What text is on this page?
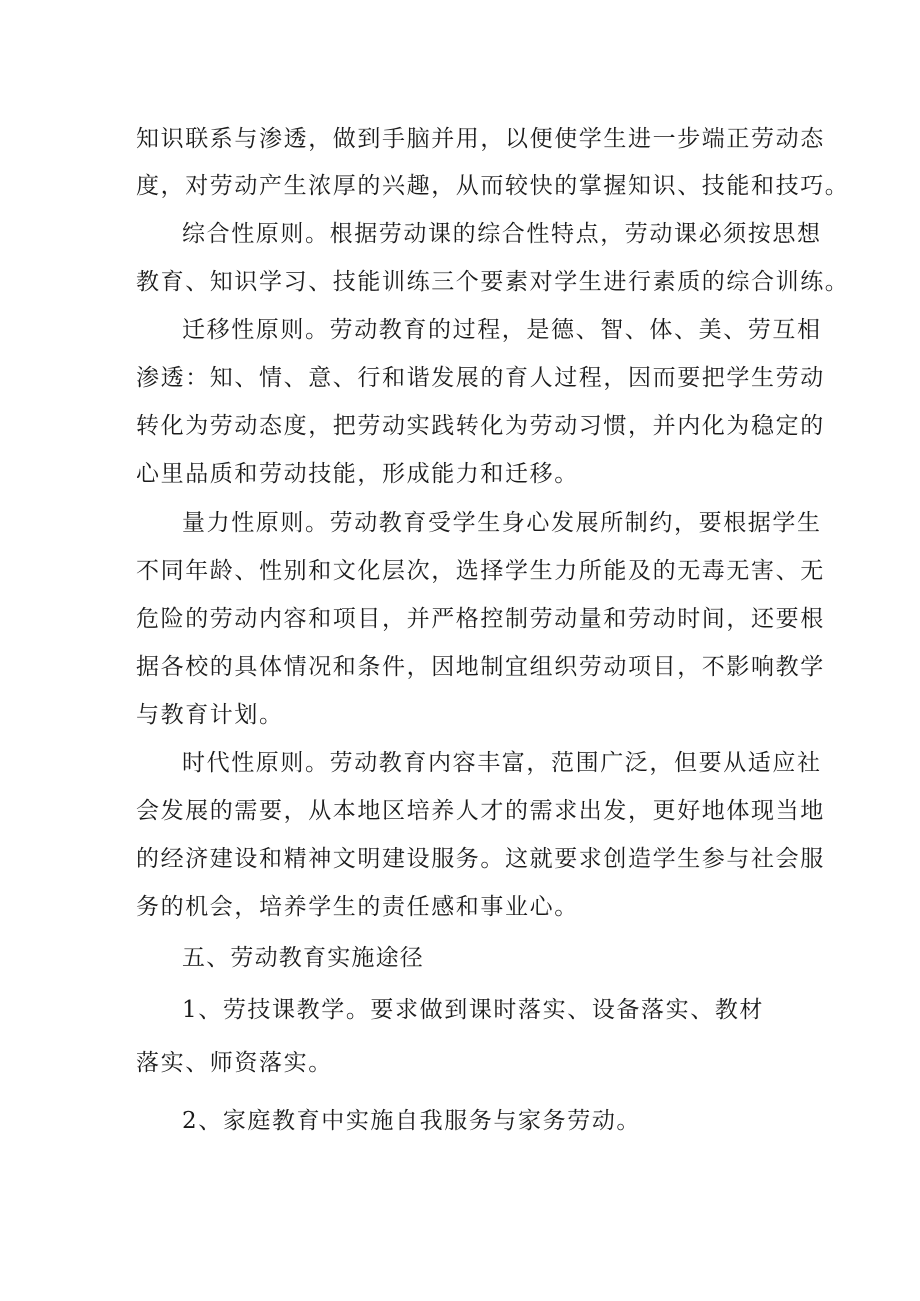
知识联系与渗透，做到手脑并用，以便使学生进一步端正劳动态
度，对劳动产生浓厚的兴趣，从而较快的掌握知识、技能和技巧。
综合性原则。根据劳动课的综合性特点，劳动课必须按思想
教育、知识学习、技能训练三个要素对学生进行素质的综合训练。
迁移性原则。劳动教育的过程，是德、智、体、美、劳互相
渗透：知、情、意、行和谐发展的育人过程，因而要把学生劳动
转化为劳动态度，把劳动实践转化为劳动习惯，并内化为稳定的
心里品质和劳动技能，形成能力和迁移。
量力性原则。劳动教育受学生身心发展所制约，要根据学生
不同年龄、性别和文化层次，选择学生力所能及的无毒无害、无
危险的劳动内容和项目，并严格控制劳动量和劳动时间，还要根
据各校的具体情况和条件，因地制宜组织劳动项目，不影响教学
与教育计划。
时代性原则。劳动教育内容丰富，范围广泛，但要从适应社
会发展的需要，从本地区培养人才的需求出发，更好地体现当地
的经济建设和精神文明建设服务。这就要求创造学生参与社会服
务的机会，培养学生的责任感和事业心。
五、劳动教育实施途径
1、劳技课教学。要求做到课时落实、设备落实、教材
落实、师资落实。
2、家庭教育中实施自我服务与家务劳动。
